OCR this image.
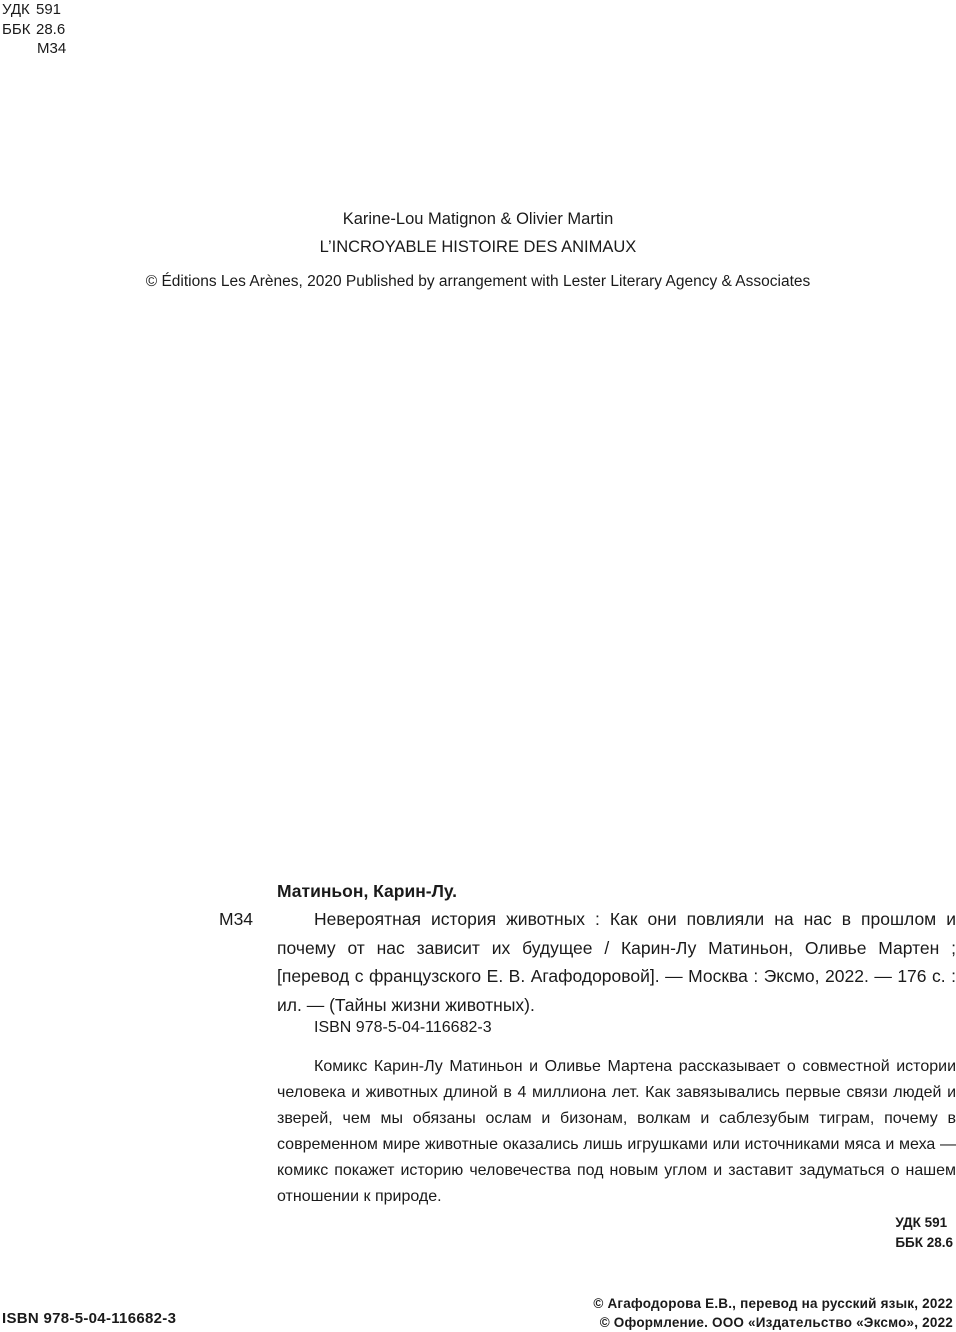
УДК 591
ББК 28.6
М34
Karine-Lou Matignon & Olivier Martin
L’INCROYABLE HISTOIRE DES ANIMAUX
© Éditions Les Arènes, 2020 Published by arrangement with Lester Literary Agency & Associates
Матиньон, Карин-Лу.
М34	Невероятная история животных : Как они повлияли на нас в прошлом и почему от нас зависит их будущее / Карин-Лу Матиньон, Оливье Мартен ; [перевод с французского Е. В. Агафодоровой]. — Москва : Эксмо, 2022. — 176 с. : ил. — (Тайны жизни животных).
ISBN 978-5-04-116682-3
Комикс Карин-Лу Матиньон и Оливье Мартена рассказывает о совместной истории человека и животных длиной в 4 миллиона лет. Как завязывались первые связи людей и зверей, чем мы обязаны ослам и бизонам, волкам и саблезубым тиграм, почему в современном мире животные оказались лишь игрушками или источниками мяса и меха — комикс покажет историю человечества под новым углом и заставит задуматься о нашем отношении к природе.
УДК 591
ББК 28.6
ISBN 978-5-04-116682-3
© Агафодорова Е.В., перевод на русский язык, 2022
© Оформление. ООО «Издательство «Эксмо», 2022
